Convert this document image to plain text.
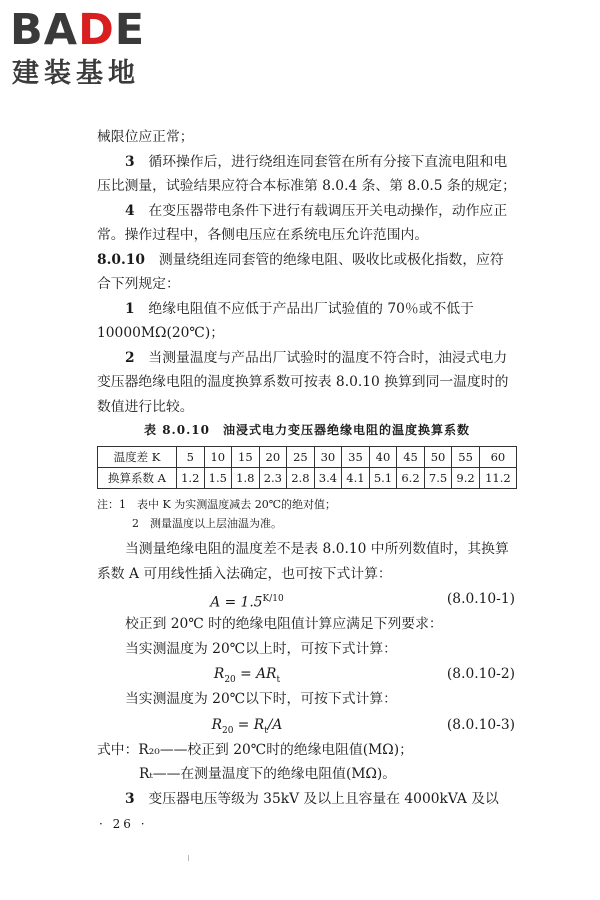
BADE
建装基地

械限位应正常；

3　 循环操作后，进行绕组连同套管在所有分接下直流电阻和电压比测量，试验结果应符合本标准第 8.0.4 条、第 8.0.5 条的规定；

4　 在变压器带电条件下进行有载调压开关电动操作，动作应正常。操作过程中，各侧电压应在系统电压允许范围内。

8.0.10　 测量绕组连同套管的绝缘电阻、吸收比或极化指数，应符合下列规定：

1　 绝缘电阻值不应低于产品出厂试验值的 70％或不低于 10000MΩ(20℃)；

2　 当测量温度与产品出厂试验时的温度不符合时，油浸式电力变压器绝缘电阻的温度换算系数可按表 8.0.10 换算到同一温度时的数值进行比较。

表 8.0.10　油浸式电力变压器绝缘电阻的温度换算系数
温度差 K	5	10	15	20	25	30	35	40	45	50	55	60
换算系数 A	1.2	1.5	1.8	2.3	2.8	3.4	4.1	5.1	6.2	7.5	9.2	11.2
注：1　表中 K 为实测温度减去 20℃的绝对值；
2　测量温度以上层油温为准。

当测量绝缘电阻的温度差不是表 8.0.10 中所列数值时，其换算系数 A 可用线性插入法确定，也可按下式计算：

$A = 1.5^{K/10}$	(8.0.10-1)

校正到 20℃ 时的绝缘电阻值计算应满足下列要求：

当实测温度为 20℃以上时，可按下式计算：

$R_{20} = AR_t$	(8.0.10-2)

当实测温度为 20℃以下时，可按下式计算：

$R_{20} = R_t/A$	(8.0.10-3)

式中：R₂₀——校正到 20℃时的绝缘电阻值(MΩ)；

Rₜ——在测量温度下的绝缘电阻值(MΩ)。

3　 变压器电压等级为 35kV 及以上且容量在 4000kVA 及以

· 26 ·
